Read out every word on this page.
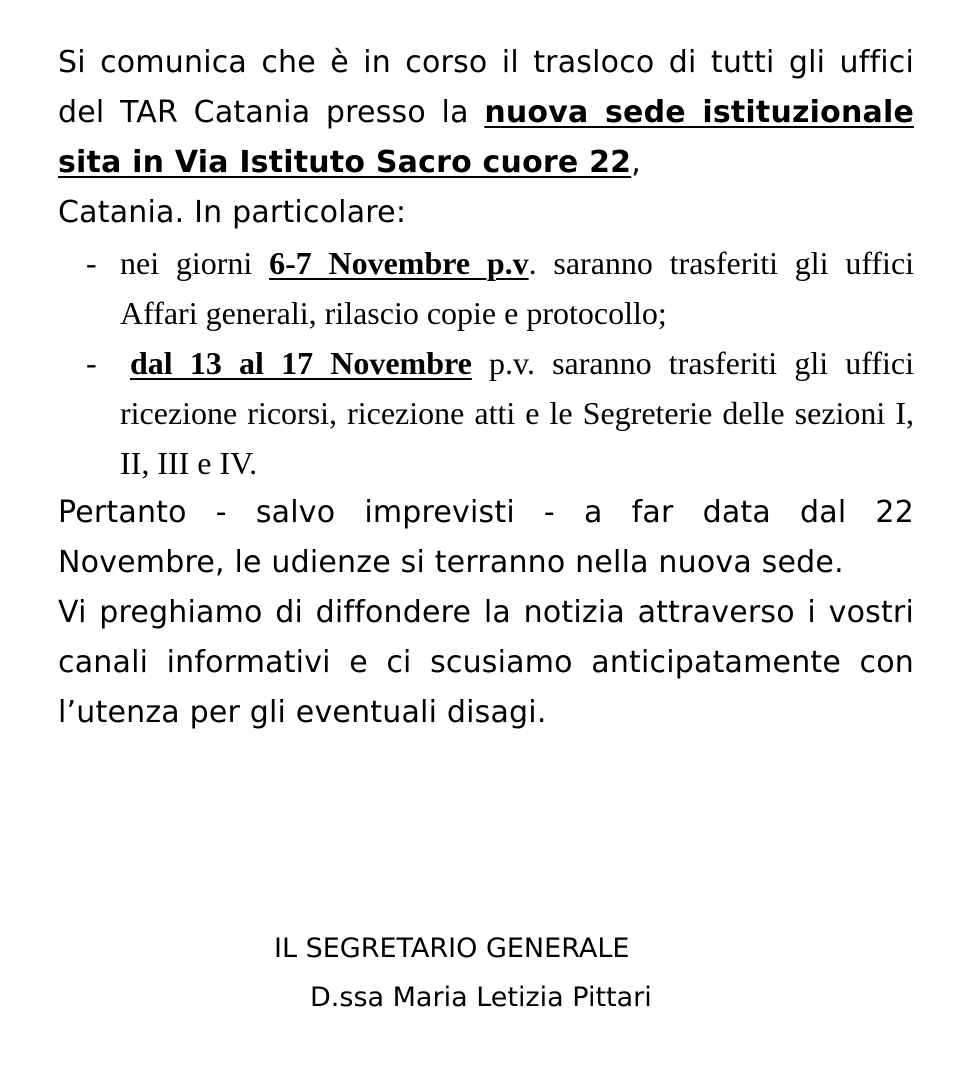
Si comunica che è in corso il trasloco di tutti gli uffici del TAR Catania presso la nuova sede istituzionale sita in Via Istituto Sacro cuore 22,

Catania. In particolare:

- nei giorni 6-7 Novembre p.v. saranno trasferiti gli uffici Affari generali, rilascio copie e protocollo;
- dal 13 al 17 Novembre p.v. saranno trasferiti gli uffici ricezione ricorsi, ricezione atti e le Segreterie delle sezioni I, II, III e IV.

Pertanto - salvo imprevisti - a far data dal 22 Novembre, le udienze si terranno nella nuova sede.

Vi preghiamo di diffondere la notizia attraverso i vostri canali informativi e ci scusiamo anticipatamente con l’utenza per gli eventuali disagi.

IL SEGRETARIO GENERALE
D.ssa Maria Letizia Pittari
